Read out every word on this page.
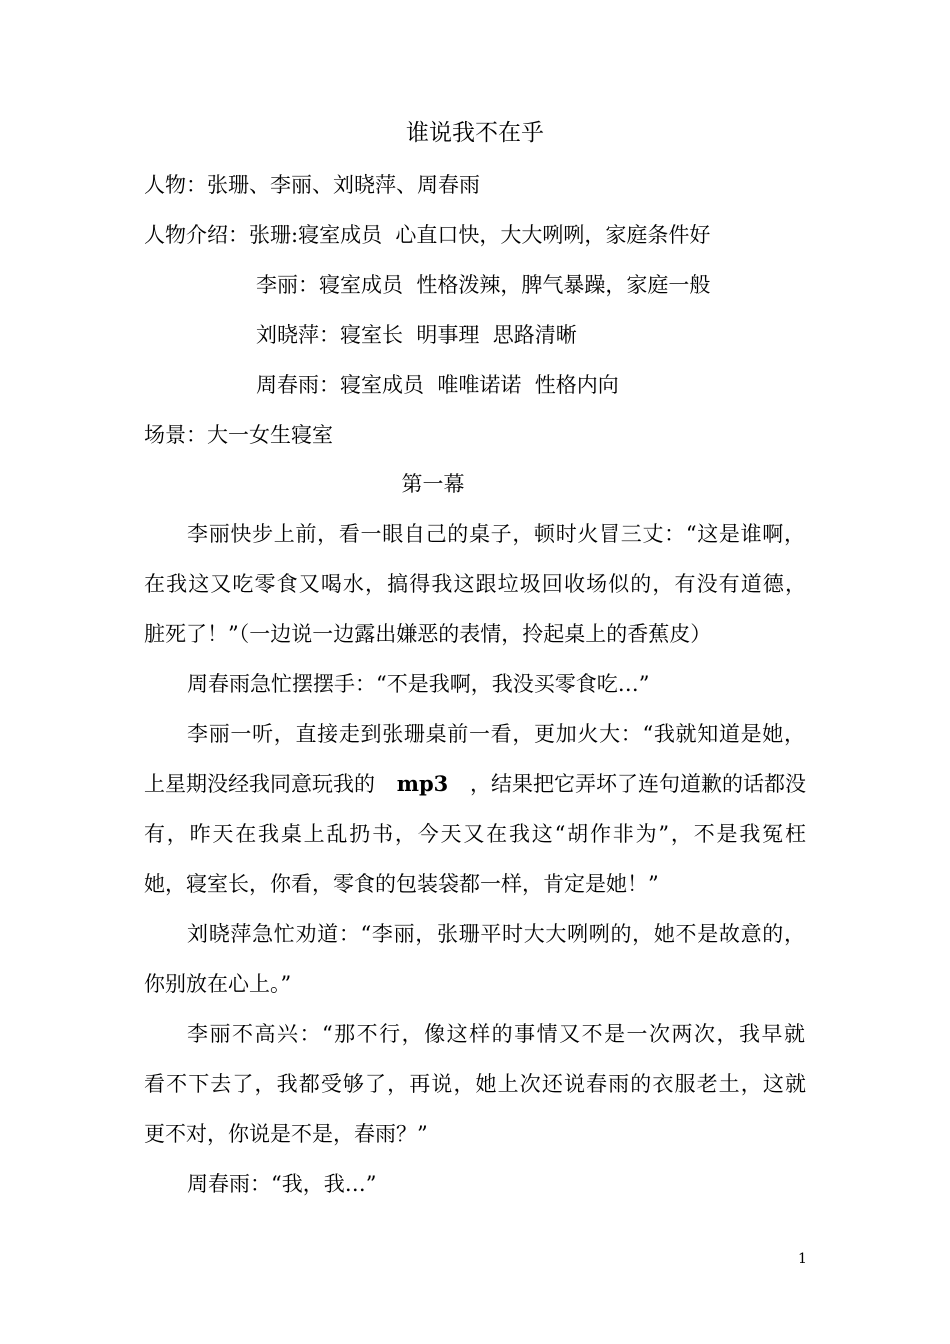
谁说我不在乎
人物：张珊、李丽、刘晓萍、周春雨
人物介绍：张珊:寝室成员  心直口快，大大咧咧，家庭条件好
李丽：寝室成员  性格泼辣，脾气暴躁，家庭一般
刘晓萍：寝室长  明事理  思路清晰
周春雨：寝室成员  唯唯诺诺  性格内向
场景：大一女生寝室
第一幕
李丽快步上前，看一眼自己的桌子，顿时火冒三丈：“这是谁啊，
在我这又吃零食又喝水，搞得我这跟垃圾回收场似的，有没有道德，
脏死了！”（一边说一边露出嫌恶的表情，拎起桌上的香蕉皮）
周春雨急忙摆摆手：“不是我啊，我没买零食吃…”
李丽一听，直接走到张珊桌前一看，更加火大：“我就知道是她，
上星期没经我同意玩我的 mp3 ，结果把它弄坏了连句道歉的话都没
有，昨天在我桌上乱扔书，今天又在我这“胡作非为”，不是我冤枉
她，寝室长，你看，零食的包装袋都一样，肯定是她！”
刘晓萍急忙劝道：“李丽，张珊平时大大咧咧的，她不是故意的，
你别放在心上。”
李丽不高兴：“那不行，像这样的事情又不是一次两次，我早就
看不下去了，我都受够了，再说，她上次还说春雨的衣服老土，这就
更不对，你说是不是，春雨？”
周春雨：“我，我…”
1
